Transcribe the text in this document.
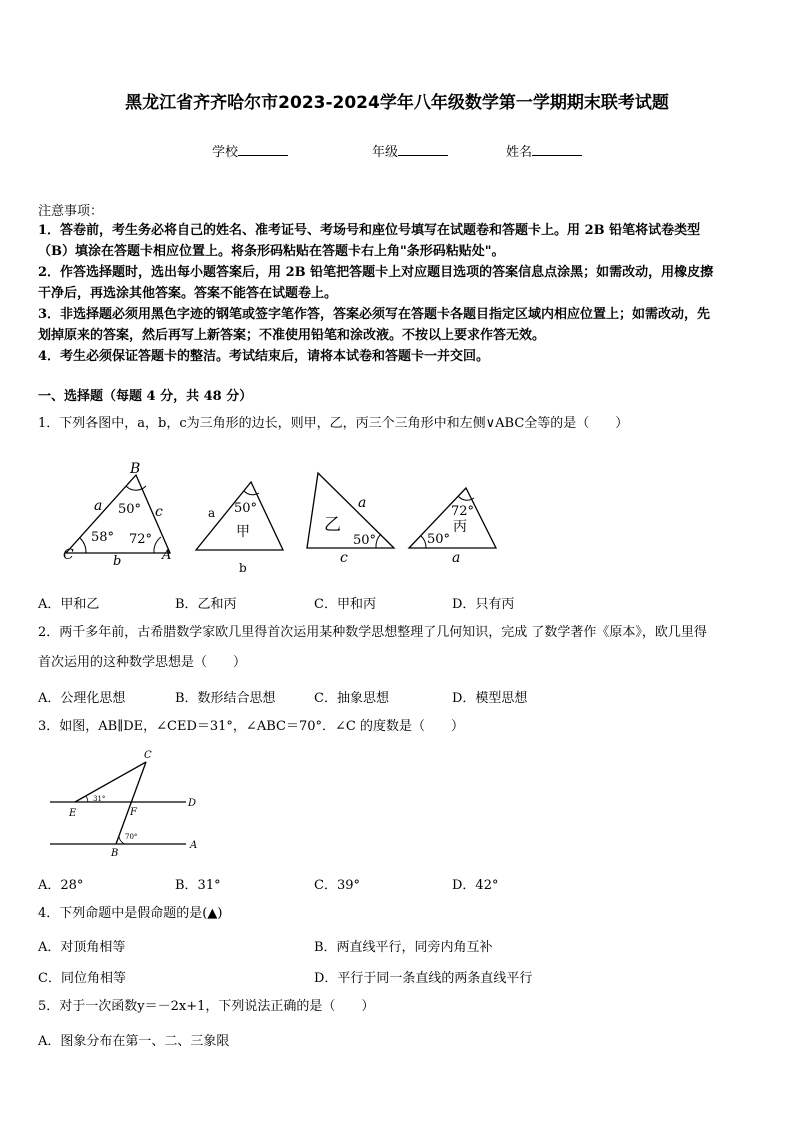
黑龙江省齐齐哈尔市2023-2024学年八年级数学第一学期期末联考试题
学校	年级	姓名
注意事项：
1．答卷前，考生务必将自己的姓名、准考证号、考场号和座位号填写在试题卷和答题卡上。用 2B 铅笔将试卷类型
（B）填涂在答题卡相应位置上。将条形码粘贴在答题卡右上角"条形码粘贴处"。
2．作答选择题时，选出每小题答案后，用 2B 铅笔把答题卡上对应题目选项的答案信息点涂黑；如需改动，用橡皮擦
干净后，再选涂其他答案。答案不能答在试题卷上。
3．非选择题必须用黑色字迹的钢笔或签字笔作答，答案必须写在答题卡各题目指定区域内相应位置上；如需改动，先
划掉原来的答案，然后再写上新答案；不准使用铅笔和涂改液。不按以上要求作答无效。
4．考生必须保证答题卡的整洁。考试结束后，请将本试卷和答题卡一并交回。
一、选择题（每题 4 分，共 48 分）
1．下列各图中，a，b，c为三角形的边长，则甲，乙，丙三个三角形中和左侧∨ABC全等的是（　　）
B
C	A
a	c
b
50°
58° 72°
a
b
50°
甲
a
c
50°
乙
72°
丙
50°
a
A．甲和乙	B．乙和丙	C．甲和丙	D．只有丙
2．两千多年前，古希腊数学家欧几里得首次运用某种数学思想整理了几何知识，完成 了数学著作《原本》，欧几里得
首次运用的这种数学思想是（　　）
A．公理化思想	B．数形结合思想	C．抽象思想	D．模型思想
3．如图，AB∥DE，∠CED＝31°，∠ABC＝70°．∠C 的度数是（　　）
C
D
E	F
A
B
31°
70°
A．28°	B．31°	C．39°	D．42°
4．下列命题中是假命题的是(▲)
A．对顶角相等	B．两直线平行，同旁内角互补
C．同位角相等	D．平行于同一条直线的两条直线平行
5．对于一次函数y＝－2x+1，下列说法正确的是（　　）
A．图象分布在第一、二、三象限
